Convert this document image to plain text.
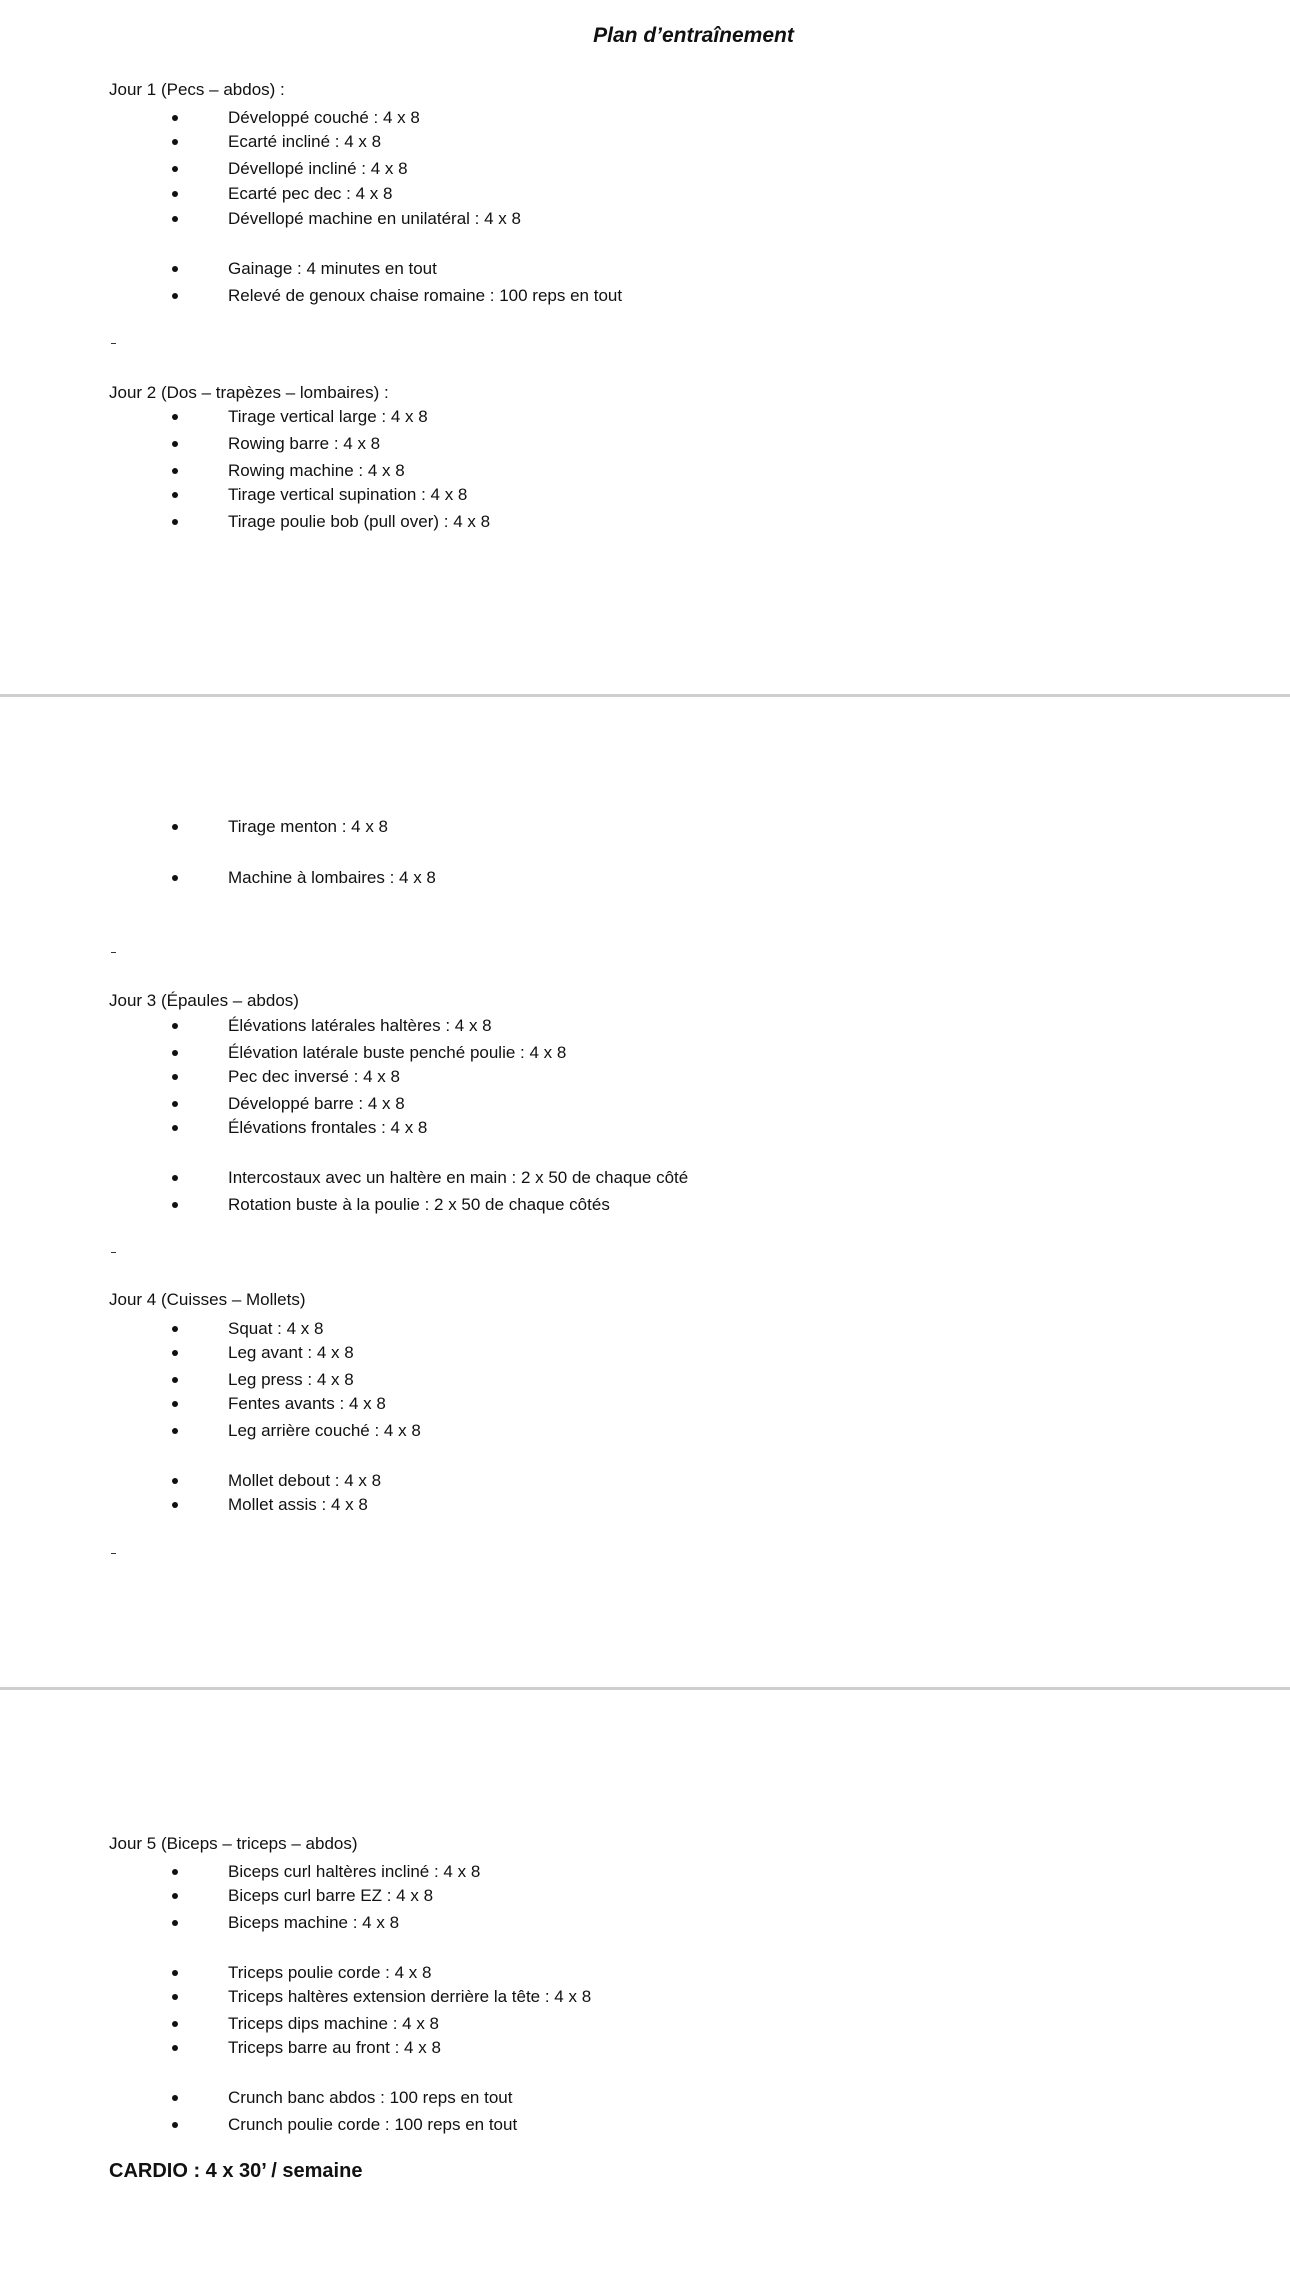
Plan d’entraînement
Jour 1 (Pecs – abdos) :
Développé couché : 4 x 8
Ecarté incliné : 4 x 8
Dévellopé incliné : 4 x 8
Ecarté pec dec : 4 x 8
Dévellopé machine en unilatéral : 4 x 8
Gainage : 4 minutes en tout
Relevé de genoux chaise romaine : 100 reps en tout
Jour 2 (Dos – trapèzes – lombaires) :
Tirage vertical large : 4 x 8
Rowing barre : 4 x 8
Rowing machine : 4 x 8
Tirage vertical supination : 4 x 8
Tirage poulie bob (pull over) : 4 x 8
Tirage menton : 4 x 8
Machine à lombaires : 4 x 8
Jour 3 (Épaules – abdos)
Élévations latérales haltères : 4 x 8
Élévation latérale buste penché poulie : 4 x 8
Pec dec inversé : 4 x 8
Développé barre : 4 x 8
Élévations frontales : 4 x 8
Intercostaux avec un haltère en main : 2 x 50 de chaque côté
Rotation buste à la poulie : 2 x 50 de chaque côtés
Jour 4 (Cuisses – Mollets)
Squat : 4 x 8
Leg avant : 4 x 8
Leg press : 4 x 8
Fentes avants : 4 x 8
Leg arrière couché : 4 x 8
Mollet debout : 4 x 8
Mollet assis : 4 x 8
Jour 5 (Biceps – triceps – abdos)
Biceps curl haltères incliné : 4 x 8
Biceps curl barre EZ : 4 x 8
Biceps machine : 4 x 8
Triceps poulie corde : 4 x 8
Triceps haltères extension derrière la tête : 4 x 8
Triceps dips machine : 4 x 8
Triceps barre au front : 4 x 8
Crunch banc abdos : 100 reps en tout
Crunch poulie corde : 100 reps en tout
CARDIO : 4 x 30’ / semaine
